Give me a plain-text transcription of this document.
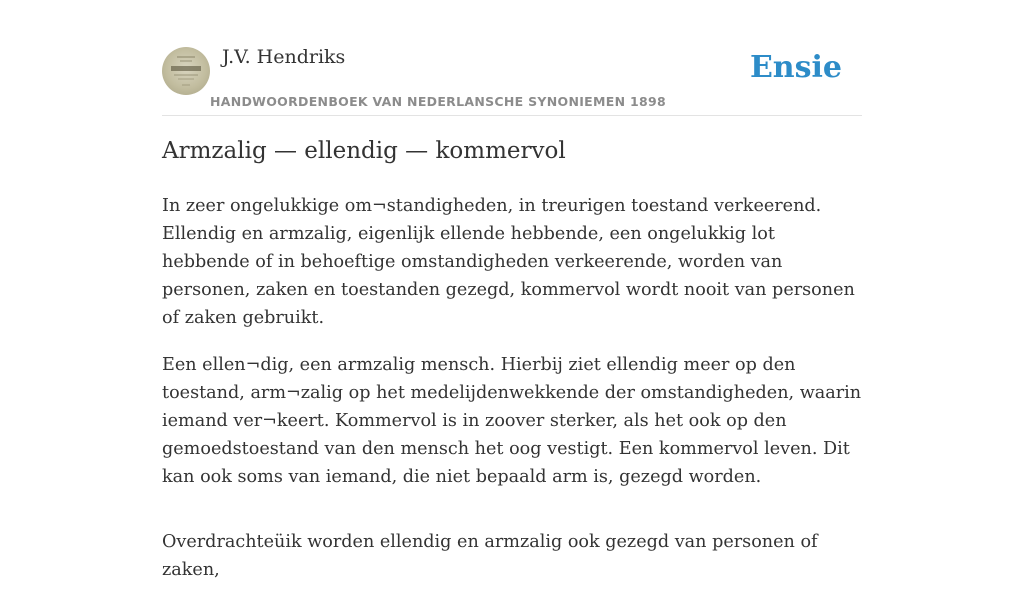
J.V. Hendriks
HANDWOORDENBOEK VAN NEDERLANSCHE SYNONIEMEN 1898
Ensie
Armzalig — ellendig — kommervol

In zeer ongelukkige om¬standigheden, in treurigen toestand verkeerend. Ellendig en armzalig, eigenlijk ellende hebbende, een ongelukkig lot hebbende of in behoeftige omstandigheden verkeerende, worden van personen, zaken en toestanden gezegd, kommervol wordt nooit van personen of zaken gebruikt.

Een ellen¬dig, een armzalig mensch. Hierbij ziet ellendig meer op den toestand, arm¬zalig op het medelijdenwekkende der omstandigheden, waarin iemand ver¬keert. Kommervol is in zoover sterker, als het ook op den gemoedstoestand van den mensch het oog vestigt. Een kommervol leven. Dit kan ook soms van iemand, die niet bepaald arm is, gezegd worden.

Overdrachteüik worden ellendig en armzalig ook gezegd van personen of zaken,
